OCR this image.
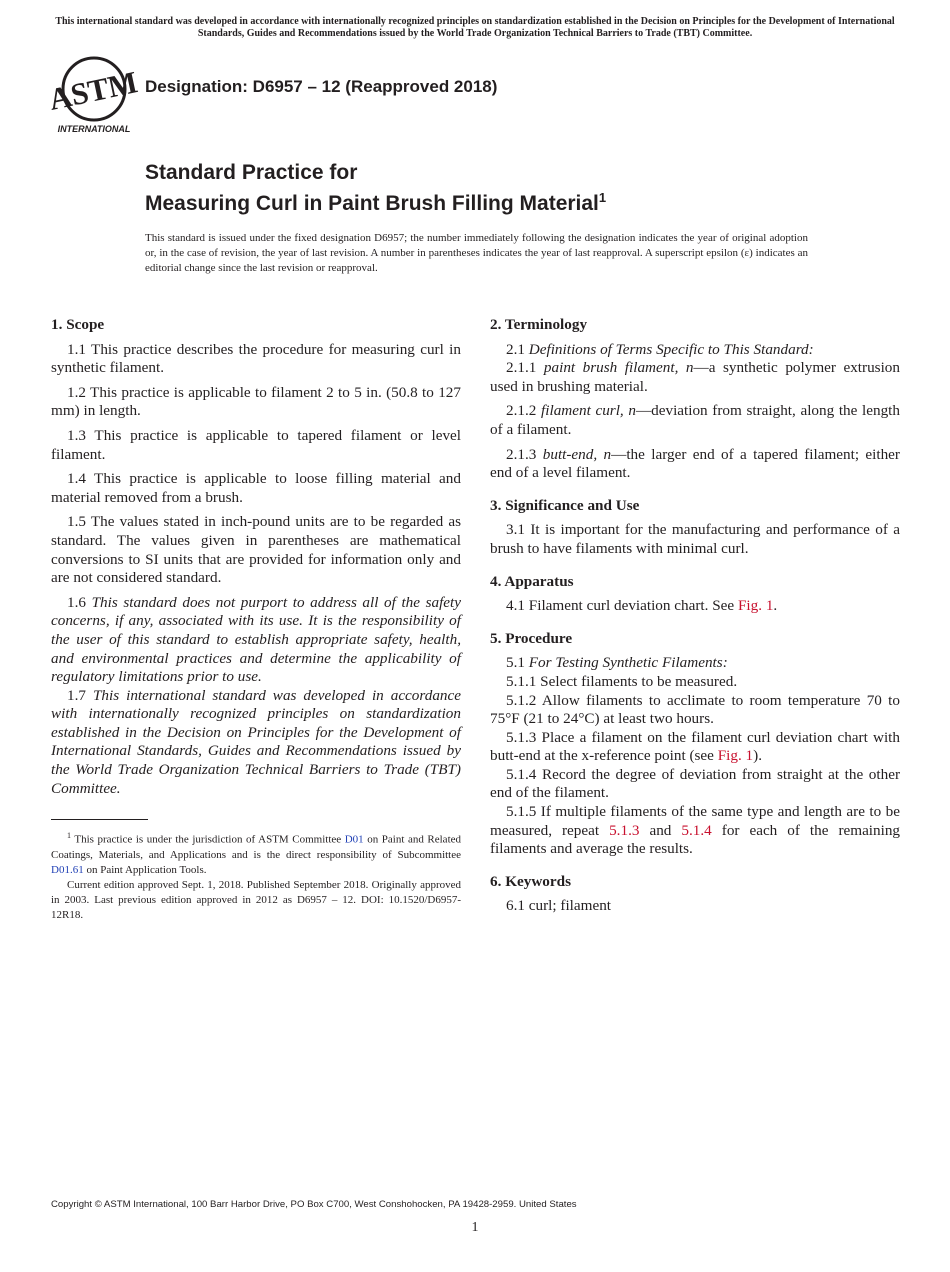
This international standard was developed in accordance with internationally recognized principles on standardization established in the Decision on Principles for the Development of International Standards, Guides and Recommendations issued by the World Trade Organization Technical Barriers to Trade (TBT) Committee.
ASTM
INTERNATIONAL
Designation: D6957 – 12 (Reapproved 2018)
Standard Practice for
Measuring Curl in Paint Brush Filling Material$^1$
This standard is issued under the fixed designation D6957; the number immediately following the designation indicates the year of original adoption or, in the case of revision, the year of last revision. A number in parentheses indicates the year of last reapproval. A superscript epsilon (ε) indicates an editorial change since the last revision or reapproval.
1. Scope
1.1 This practice describes the procedure for measuring curl in synthetic filament.
1.2 This practice is applicable to filament 2 to 5 in. (50.8 to 127 mm) in length.
1.3 This practice is applicable to tapered filament or level filament.
1.4 This practice is applicable to loose filling material and material removed from a brush.
1.5 The values stated in inch-pound units are to be regarded as standard. The values given in parentheses are mathematical conversions to SI units that are provided for information only and are not considered standard.
1.6 This standard does not purport to address all of the safety concerns, if any, associated with its use. It is the responsibility of the user of this standard to establish appropriate safety, health, and environmental practices and determine the applicability of regulatory limitations prior to use.
1.7 This international standard was developed in accordance with internationally recognized principles on standardization established in the Decision on Principles for the Development of International Standards, Guides and Recommendations issued by the World Trade Organization Technical Barriers to Trade (TBT) Committee.
$^1$ This practice is under the jurisdiction of ASTM Committee D01 on Paint and Related Coatings, Materials, and Applications and is the direct responsibility of Subcommittee D01.61 on Paint Application Tools.
Current edition approved Sept. 1, 2018. Published September 2018. Originally approved in 2003. Last previous edition approved in 2012 as D6957 – 12. DOI: 10.1520/D6957-12R18.
2. Terminology
2.1 Definitions of Terms Specific to This Standard:
2.1.1 paint brush filament, n—a synthetic polymer extrusion used in brushing material.
2.1.2 filament curl, n—deviation from straight, along the length of a filament.
2.1.3 butt-end, n—the larger end of a tapered filament; either end of a level filament.
3. Significance and Use
3.1 It is important for the manufacturing and performance of a brush to have filaments with minimal curl.
4. Apparatus
4.1 Filament curl deviation chart. See Fig. 1.
5. Procedure
5.1 For Testing Synthetic Filaments:
5.1.1 Select filaments to be measured.
5.1.2 Allow filaments to acclimate to room temperature 70 to 75°F (21 to 24°C) at least two hours.
5.1.3 Place a filament on the filament curl deviation chart with butt-end at the x-reference point (see Fig. 1).
5.1.4 Record the degree of deviation from straight at the other end of the filament.
5.1.5 If multiple filaments of the same type and length are to be measured, repeat 5.1.3 and 5.1.4 for each of the remaining filaments and average the results.
6. Keywords
6.1 curl; filament
Copyright © ASTM International, 100 Barr Harbor Drive, PO Box C700, West Conshohocken, PA 19428-2959. United States
1
